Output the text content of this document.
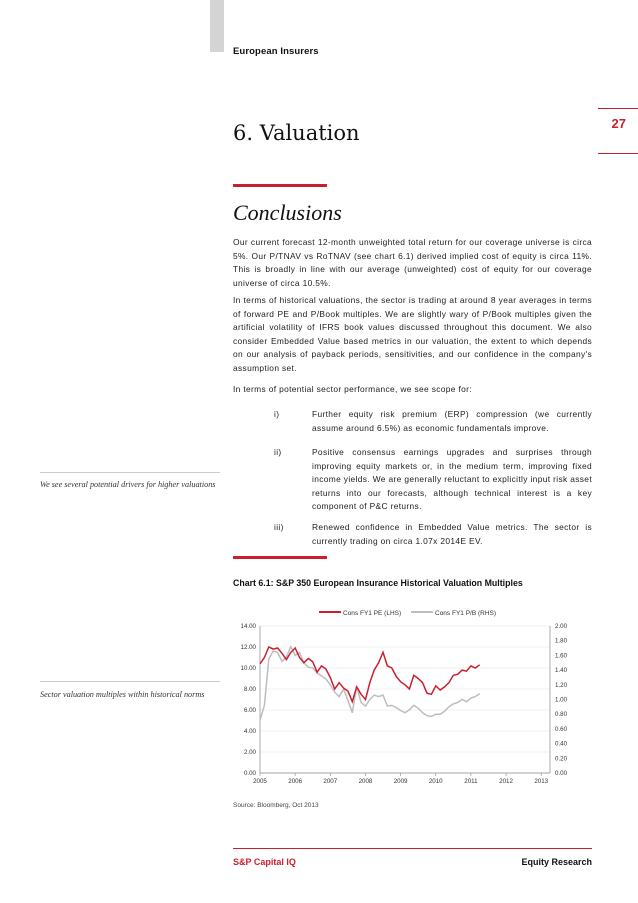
European Insurers
27
6. Valuation
Conclusions
Our current forecast 12-month unweighted total return for our coverage universe is circa 5%. Our P/TNAV vs RoTNAV (see chart 6.1) derived implied cost of equity is circa 11%. This is broadly in line with our average (unweighted) cost of equity for our coverage universe of circa 10.5%.
In terms of historical valuations, the sector is trading at around 8 year averages in terms of forward PE and P/Book multiples. We are slightly wary of P/Book multiples given the artificial volatility of IFRS book values discussed throughout this document. We also consider Embedded Value based metrics in our valuation, the extent to which depends on our analysis of payback periods, sensitivities, and our confidence in the company's assumption set.
In terms of potential sector performance, we see scope for:
i)	Further equity risk premium (ERP) compression (we currently assume around 6.5%) as economic fundamentals improve.
ii)	Positive consensus earnings upgrades and surprises through improving equity markets or, in the medium term, improving fixed income yields. We are generally reluctant to explicitly input risk asset returns into our forecasts, although technical interest is a key component of P&C returns.
iii)	Renewed confidence in Embedded Value metrics. The sector is currently trading on circa 1.07x 2014E EV.
We see several potential drivers for higher valuations
Sector valuation multiples within historical norms
Chart 6.1: S&P 350 European Insurance Historical Valuation Multiples
Cons FY1 PE (LHS)	Cons FY1 P/B (RHS)
0.00
2.00
4.00
6.00
8.00
10.00
12.00
14.00
0.00
0.20
0.40
0.60
0.80
1.00
1.20
1.40
1.60
1.80
2.00
2005	2006	2007	2008	2009	2010	2011	2012	2013
Source: Bloomberg, Oct 2013
S&P Capital IQ	Equity Research
